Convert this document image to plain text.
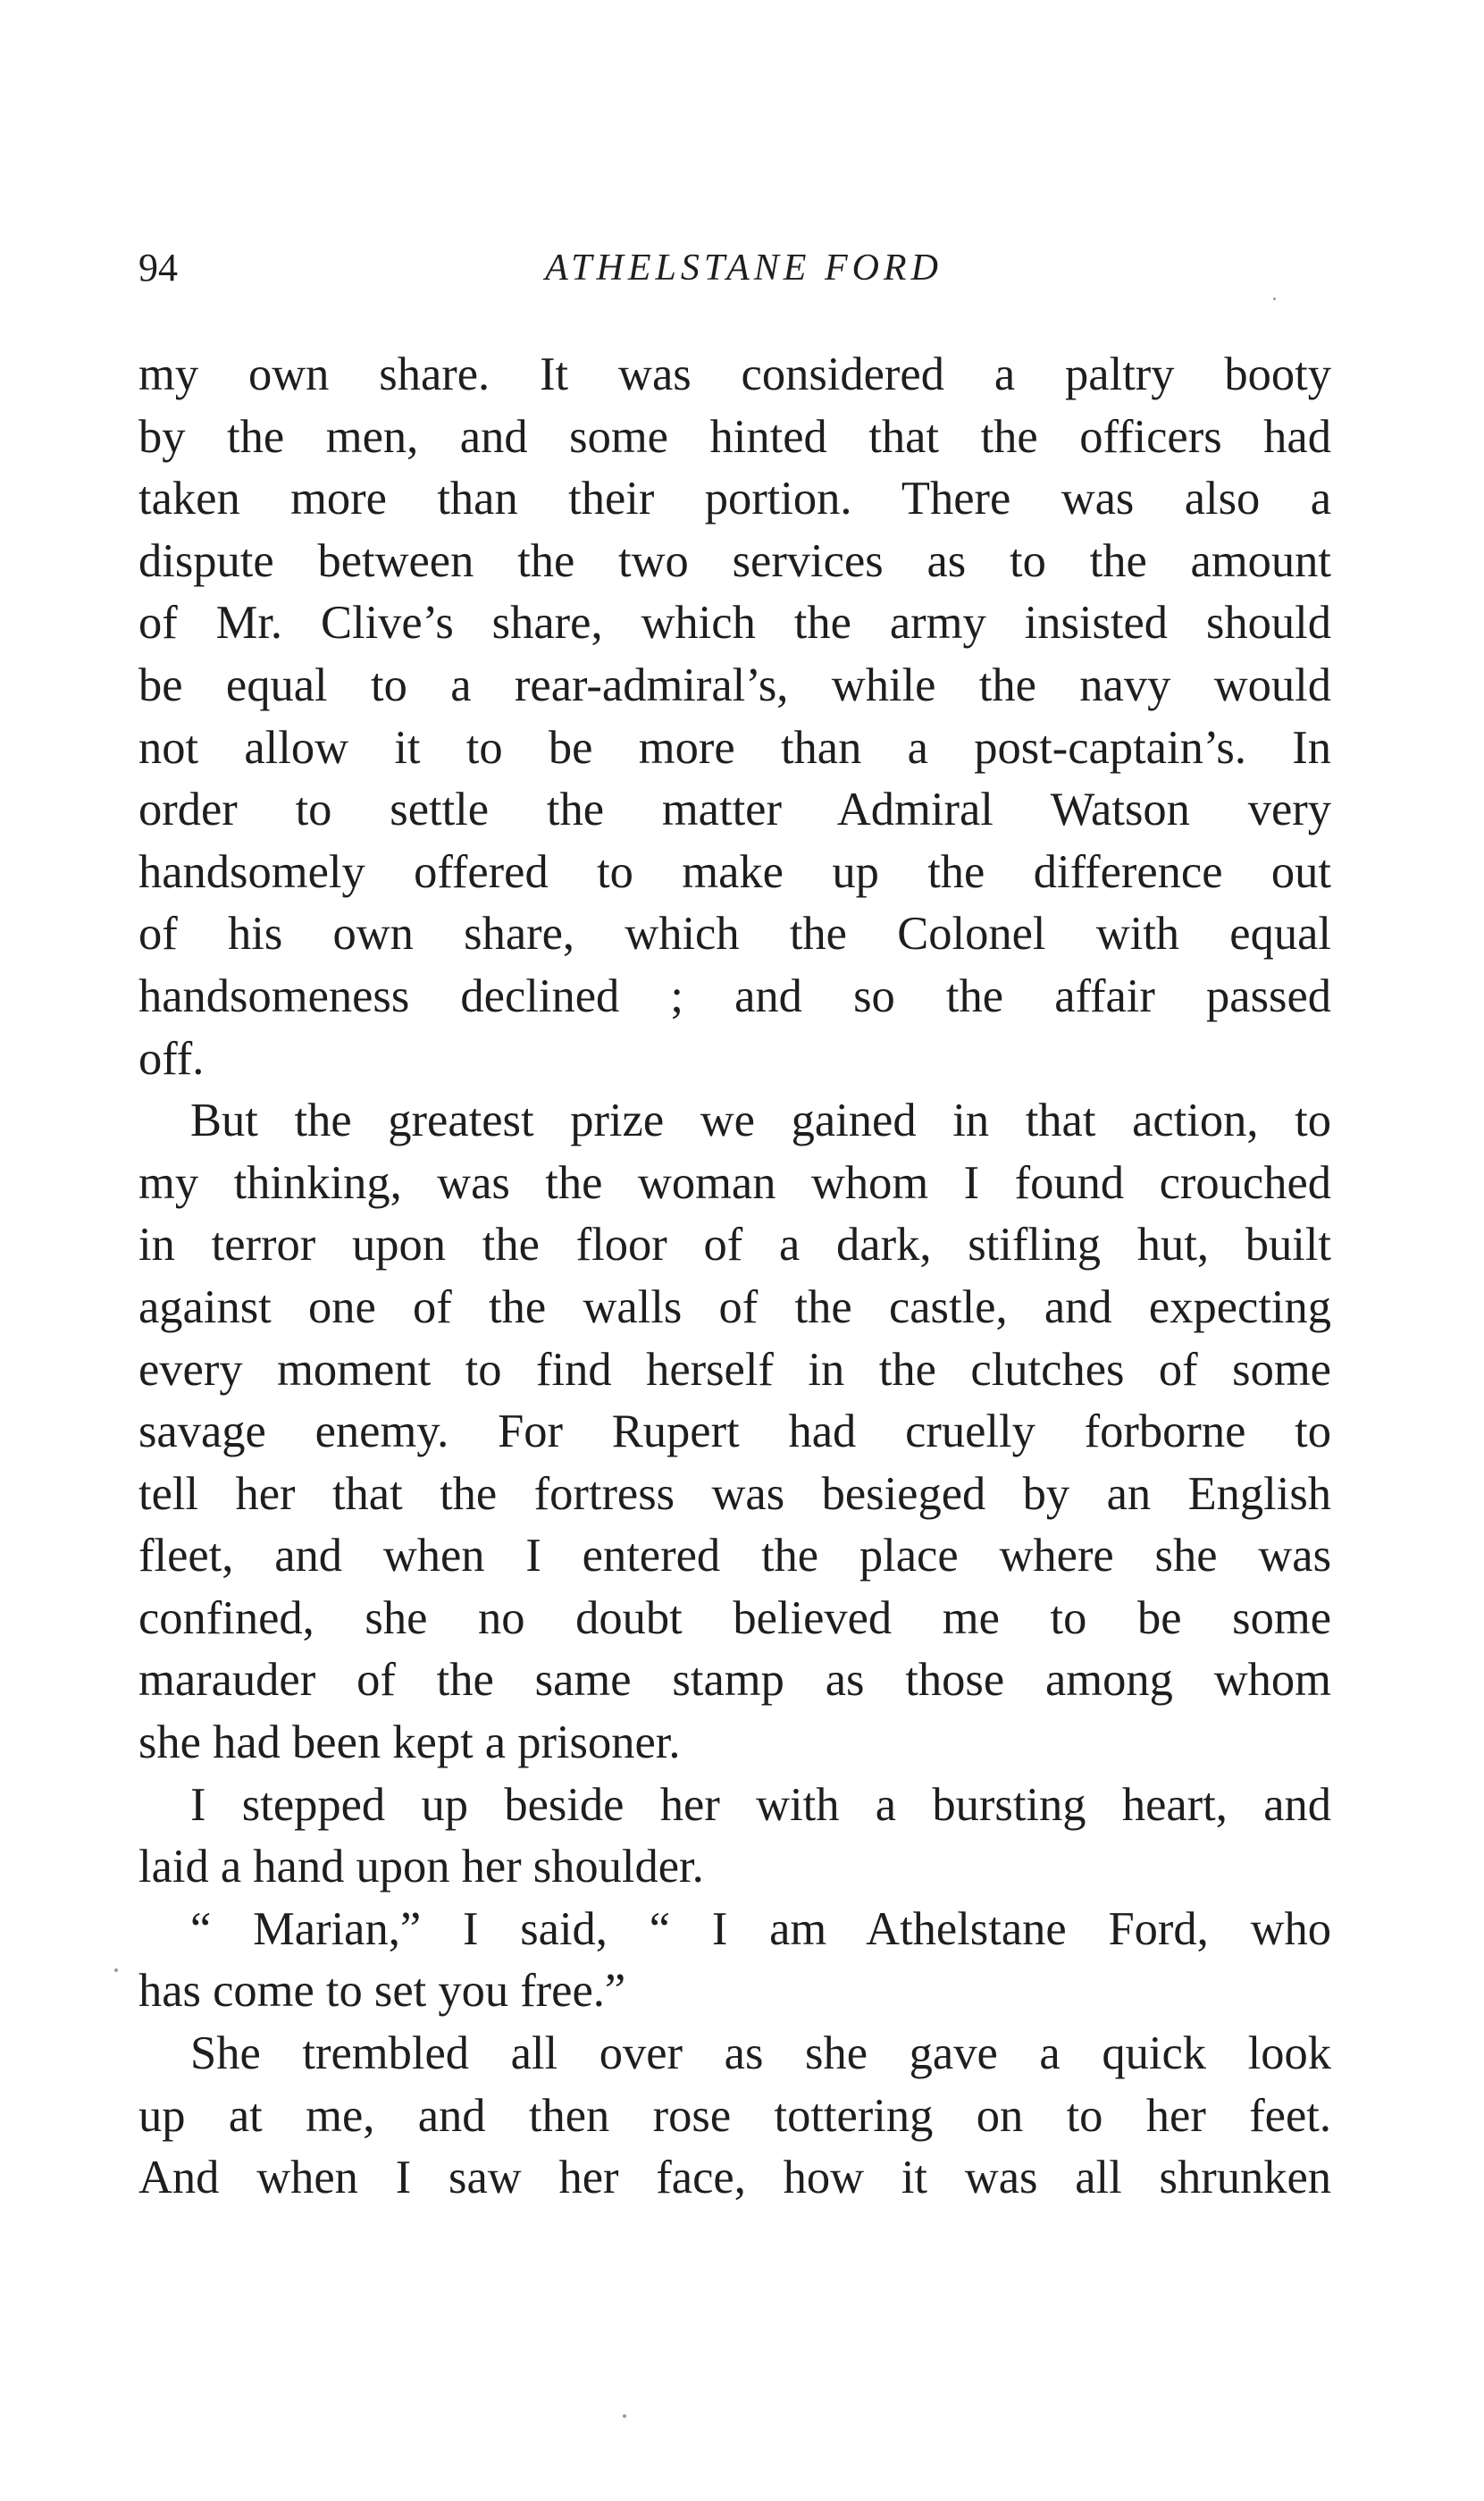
94	ATHELSTANE FORD
my own share. It was considered a paltry booty
by the men, and some hinted that the officers had
taken more than their portion. There was also a
dispute between the two services as to the amount
of Mr. Clive’s share, which the army insisted should
be equal to a rear-admiral’s, while the navy would
not allow it to be more than a post-captain’s. In
order to settle the matter Admiral Watson very
handsomely offered to make up the difference out
of his own share, which the Colonel with equal
handsomeness declined ; and so the affair passed
off.
But the greatest prize we gained in that action, to
my thinking, was the woman whom I found crouched
in terror upon the floor of a dark, stifling hut, built
against one of the walls of the castle, and expecting
every moment to find herself in the clutches of some
savage enemy. For Rupert had cruelly forborne to
tell her that the fortress was besieged by an English
fleet, and when I entered the place where she was
confined, she no doubt believed me to be some
marauder of the same stamp as those among whom
she had been kept a prisoner.
I stepped up beside her with a bursting heart, and
laid a hand upon her shoulder.
“ Marian,” I said, “ I am Athelstane Ford, who
has come to set you free.”
She trembled all over as she gave a quick look
up at me, and then rose tottering on to her feet.
And when I saw her face, how it was all shrunken
